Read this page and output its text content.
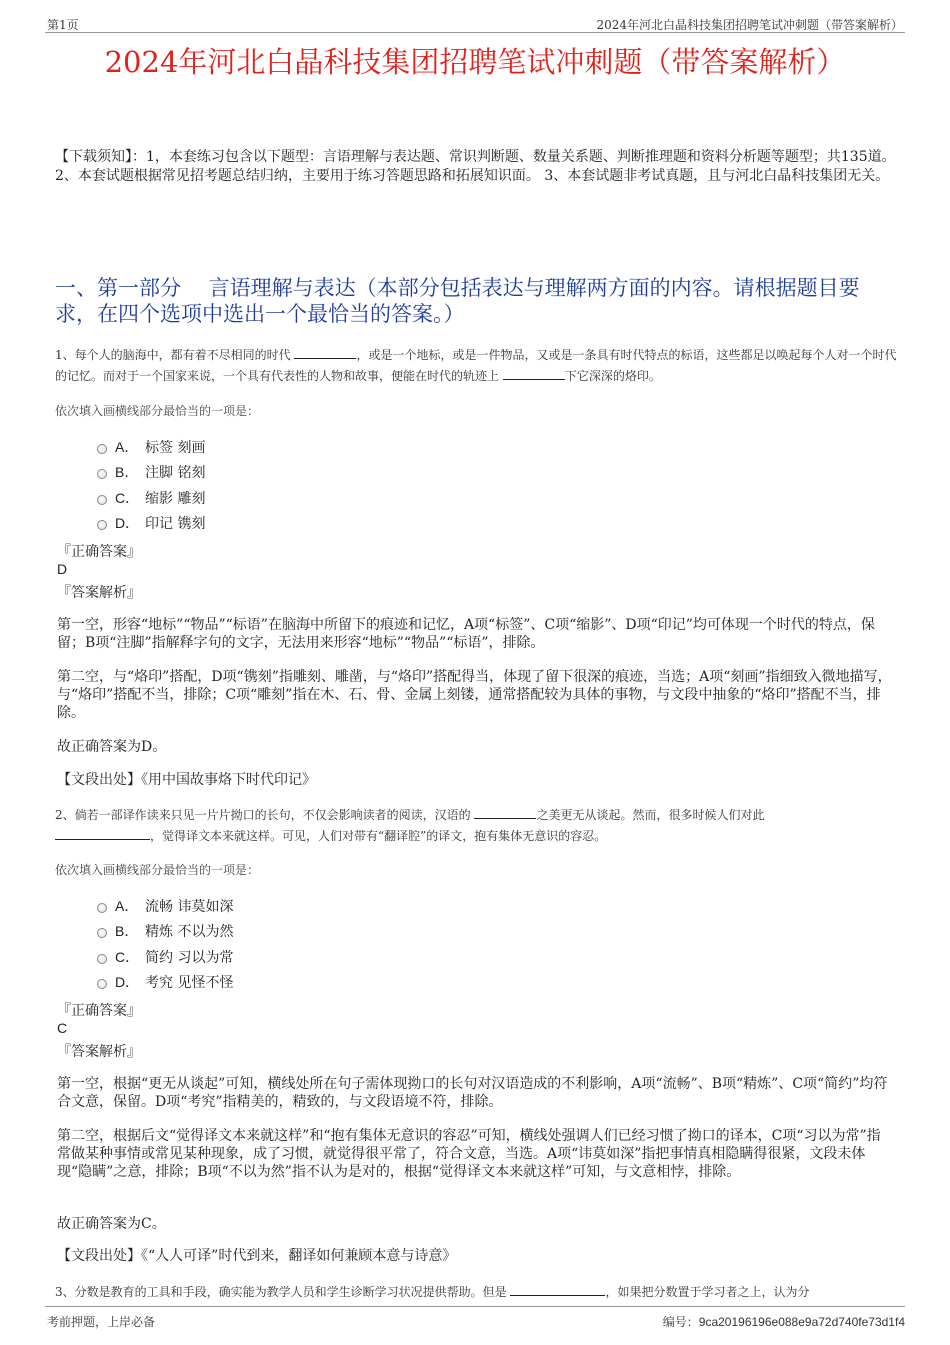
第1页	2024年河北白晶科技集团招聘笔试冲刺题（带答案解析）
2024年河北白晶科技集团招聘笔试冲刺题（带答案解析）
【下载须知】：1，本套练习包含以下题型：言语理解与表达题、常识判断题、数量关系题、判断推理题和资料分析题等题型；共135道。 2、本套试题根据常见招考题总结归纳，主要用于练习答题思路和拓展知识面。 3、本套试题非考试真题，且与河北白晶科技集团无关。
一、第一部分　 言语理解与表达（本部分包括表达与理解两方面的内容。请根据题目要求，在四个选项中选出一个最恰当的答案。）
1、每个人的脑海中，都有着不尽相同的时代	，或是一个地标，或是一件物品，又或是一条具有时代特点的标语，这些都足以唤起每个人对一个时代的记忆。而对于一个国家来说，一个具有代表性的人物和故事，便能在时代的轨迹上	下它深深的烙印。
依次填入画横线部分最恰当的一项是：
A． 标签 刻画
B． 注脚 铭刻
C． 缩影 雕刻
D． 印记 镌刻
『正确答案』
D
『答案解析』
第一空，形容“地标”“物品”“标语”在脑海中所留下的痕迹和记忆，A项“标签”、C项“缩影”、D项“印记”均可体现一个时代的特点，保留；B项“注脚”指解释字句的文字，无法用来形容“地标”“物品”“标语”，排除。
第二空，与“烙印”搭配，D项“镌刻”指雕刻、雕凿，与“烙印”搭配得当，体现了留下很深的痕迹，当选；A项“刻画”指细致入微地描写，与“烙印”搭配不当，排除；C项“雕刻”指在木、石、骨、金属上刻镂，通常搭配较为具体的事物，与文段中抽象的“烙印”搭配不当，排除。
故正确答案为D。
【文段出处】《用中国故事烙下时代印记》
2、倘若一部译作读来只见一片片拗口的长句，不仅会影响读者的阅读，汉语的	之美更无从谈起。然而，很多时候人们对此
，觉得译文本来就这样。可见，人们对带有“翻译腔”的译文，抱有集体无意识的容忍。
依次填入画横线部分最恰当的一项是：
A． 流畅 讳莫如深
B． 精炼 不以为然
C． 简约 习以为常
D． 考究 见怪不怪
『正确答案』
C
『答案解析』
第一空，根据“更无从谈起”可知，横线处所在句子需体现拗口的长句对汉语造成的不利影响，A项“流畅”、B项“精炼”、C项“简约”均符合文意，保留。D项“考究”指精美的，精致的，与文段语境不符，排除。
第二空，根据后文“觉得译文本来就这样”和“抱有集体无意识的容忍”可知，横线处强调人们已经习惯了拗口的译本，C项“习以为常”指常做某种事情或常见某种现象，成了习惯，就觉得很平常了，符合文意，当选。A项“讳莫如深”指把事情真相隐瞒得很紧，文段未体现“隐瞒”之意，排除；B项“不以为然”指不认为是对的，根据“觉得译文本来就这样”可知，与文意相悖，排除。
故正确答案为C。
【文段出处】《“人人可译”时代到来，翻译如何兼顾本意与诗意》
3、分数是教育的工具和手段，确实能为教学人员和学生诊断学习状况提供帮助。但是	，如果把分数置于学习者之上，认为分
考前押题，上岸必备	编号：9ca20196196e088e9a72d740fe73d1f4
